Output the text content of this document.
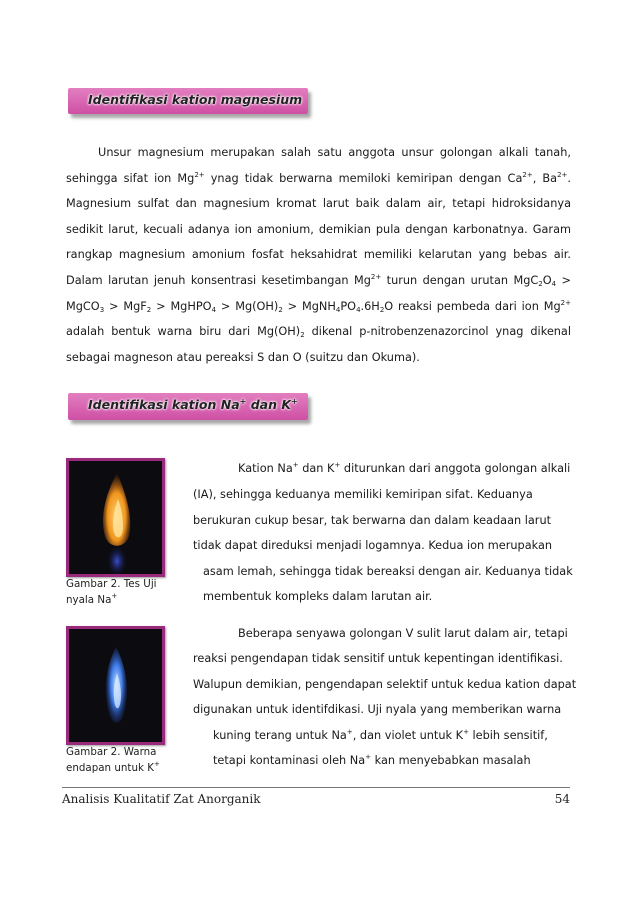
Identifikasi kation magnesium

Unsur magnesium merupakan salah satu anggota unsur golongan alkali tanah, sehingga sifat ion $Mg^{2+}$ ynag tidak berwarna memiloki kemiripan dengan $Ca^{2+}$, $Ba^{2+}$. Magnesium sulfat dan magnesium kromat larut baik dalam air, tetapi hidroksidanya sedikit larut, kecuali adanya ion amonium, demikian pula dengan karbonatnya. Garam rangkap magnesium amonium fosfat heksahidrat memiliki kelarutan yang bebas air. Dalam larutan jenuh konsentrasi kesetimbangan $Mg^{2+}$ turun dengan urutan $MgC_2O_4$ > MgCO$_3$ > MgF$_2$ > MgHPO$_4$ > $Mg(OH)_2$ > $MgNH_4PO_4.6H_2O$ reaksi pembeda dari ion $Mg^{2+}$ adalah bentuk warna biru dari $Mg(OH)_2$ dikenal p-nitrobenzenazorcinol ynag dikenal sebagai magneson atau pereaksi S dan O (suitzu dan Okuma).

Identifikasi kation Na+ dan K+
Gambar 2. Tes Uji
nyala Na+
Kation Na+ dan K+ diturunkan dari anggota golongan alkali
(IA), sehingga keduanya memiliki kemiripan sifat. Keduanya
berukuran cukup besar, tak berwarna dan dalam keadaan larut
tidak dapat direduksi menjadi logamnya. Kedua ion merupakan
asam lemah, sehingga tidak bereaksi dengan air. Keduanya tidak
membentuk kompleks dalam larutan air.
Gambar 2. Warna
endapan untuk K+
Beberapa senyawa golongan V sulit larut dalam air, tetapi
reaksi pengendapan tidak sensitif untuk kepentingan identifikasi.
Walupun demikian, pengendapan selektif untuk kedua kation dapat
digunakan untuk identifdikasi. Uji nyala yang memberikan warna
kuning terang untuk Na+, dan violet untuk K+ lebih sensitif,
tetapi kontaminasi oleh Na+ kan menyebabkan masalah
Analisis Kualitatif Zat Anorganik	54
